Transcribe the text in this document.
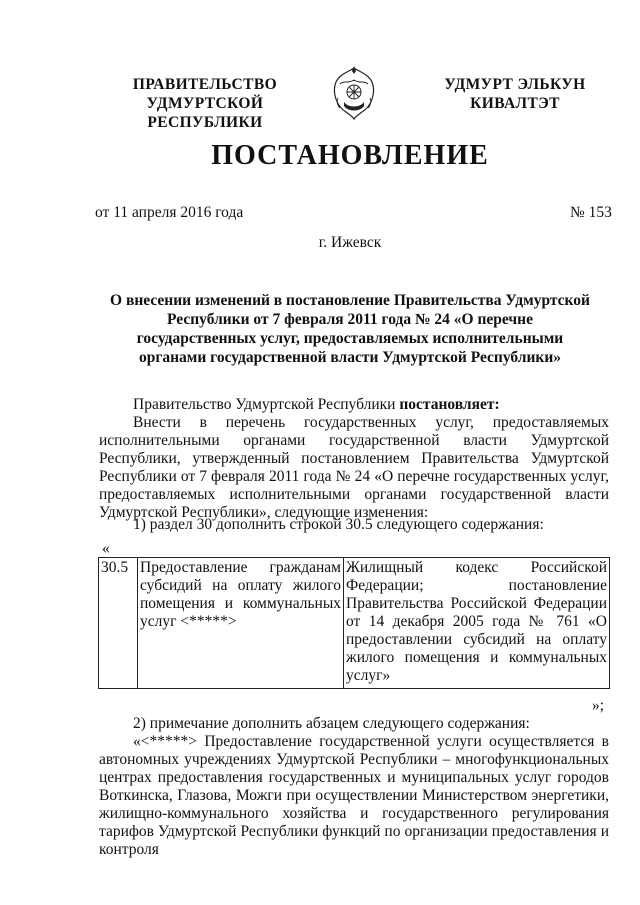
ПРАВИТЕЛЬСТВО
УДМУРТСКОЙ РЕСПУБЛИКИ
УДМУРТ ЭЛЬКУН
КИВАЛТЭТ
ПОСТАНОВЛЕНИЕ
от 11 апреля 2016 года	№ 153
г. Ижевск
О внесении изменений в постановление Правительства Удмуртской Республики от 7 февраля 2011 года № 24 «О перечне государственных услуг, предоставляемых исполнительными органами государственной власти Удмуртской Республики»
Правительство Удмуртской Республики постановляет:
Внести в перечень государственных услуг, предоставляемых исполнительными органами государственной власти Удмуртской Республики, утвержденный постановлением Правительства Удмуртской Республики от 7 февраля 2011 года № 24 «О перечне государственных услуг, предоставляемых исполнительными органами государственной власти Удмуртской Республики», следующие изменения:
1) раздел 30 дополнить строкой 30.5 следующего содержания:
«
30.5	Предоставление гражданам субсидий на оплату жилого помещения и коммунальных услуг <*****>	Жилищный кодекс Российской Федерации; постановление Правительства Российской Федерации от 14 декабря 2005 года № 761 «О предоставлении субсидий на оплату жилого помещения и коммунальных услуг»
»;
2) примечание дополнить абзацем следующего содержания:
«<*****> Предоставление государственной услуги осуществляется в автономных учреждениях Удмуртской Республики – многофункциональных центрах предоставления государственных и муниципальных услуг городов Воткинска, Глазова, Можги при осуществлении Министерством энергетики, жилищно-коммунального хозяйства и государственного регулирования тарифов Удмуртской Республики функций по организации предоставления и контроля
